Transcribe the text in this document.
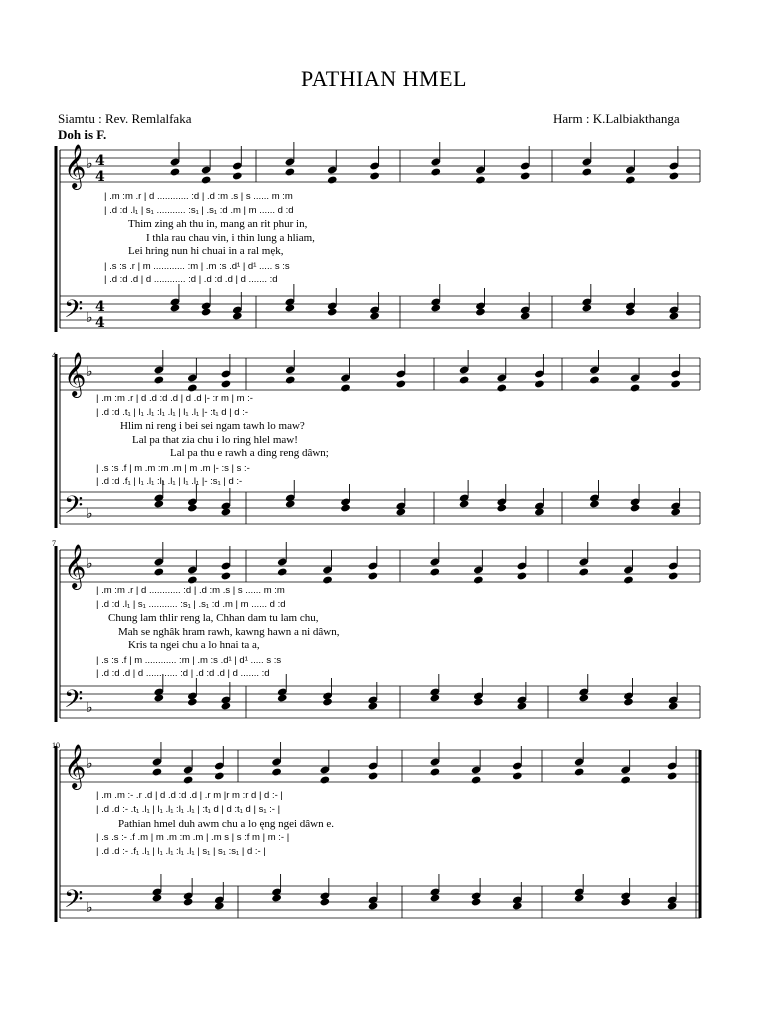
PATHIAN HMEL
Siamtu : Rev. Remlalfaka	Harm : K.Lalbiakthanga
Doh is F.
𝄞
𝄢
♭
♭
4
4
4
4
𝄞
𝄢
♭
♭
𝄞
𝄢
♭
♭
𝄞
𝄢
♭
♭
4
7
10
| .m :m .r | d ............ :d | .d :m .s | s ...... m :m
| .d :d .l₁ | s₁ ........... :s₁ | .s₁ :d .m | m ...... d :d
Thim zing ah thu in, mang an rit phur in,
I thla rau chau vin, i thin lung a hliam,
Lei hring nun hi chuai in a ral mẹk,
| .s :s .r | m ............ :m | .m :s .d¹ | d¹ ..... s :s
| .d :d .d | d ............ :d | .d :d .d | d ....... :d
| .m :m .r | d .d :d .d | d .d |- :r m | m :-
| .d :d .t₁ | l₁ .l₁ :l₁ .l₁ | l₁ .l₁ |- :t₁ d | d :-
Hlim ni reng i bei sei ngam tawh lo maw?
Lal pa that zia chu i lo ring hlel maw!
Lal pa thu e rawh a ding reng dâwn;
| .s :s .f | m .m :m .m | m .m |- :s | s :-
| .d :d .f₁ | l₁ .l₁ :l₁ .l₁ | l₁ .l₁ |- :s₁ | d :-
| .m :m .r | d ............ :d | .d :m .s | s ...... m :m
| .d :d .l₁ | s₁ ........... :s₁ | .s₁ :d .m | m ...... d :d
Chung lam thlir reng la, Chhan dam tu lam chu,
Mah se nghâk hram rawh, kawng hawn a ni dâwn,
Kris ta ngei chu a lo hnai ta a,
| .s :s .f | m ............ :m | .m :s .d¹ | d¹ ..... s :s
| .d :d .d | d ............ :d | .d :d .d | d ....... :d
| .m .m :- .r .d | d .d :d .d | .r m |r m :r d | d :- |
| .d .d :- .t₁ .l₁ | l₁ .l₁ :l₁ .l₁ | :t₁ d | d :t₁ d | s₁ :- |
Pathian hmel duh awm chu a lo ęng ngei dâwn e.
| .s .s :- .f .m | m .m :m .m | .m s | s :f m | m :- |
| .d .d :- .f₁ .l₁ | l₁ .l₁ :l₁ .l₁ | s₁ | s₁ :s₁ | d :- |
